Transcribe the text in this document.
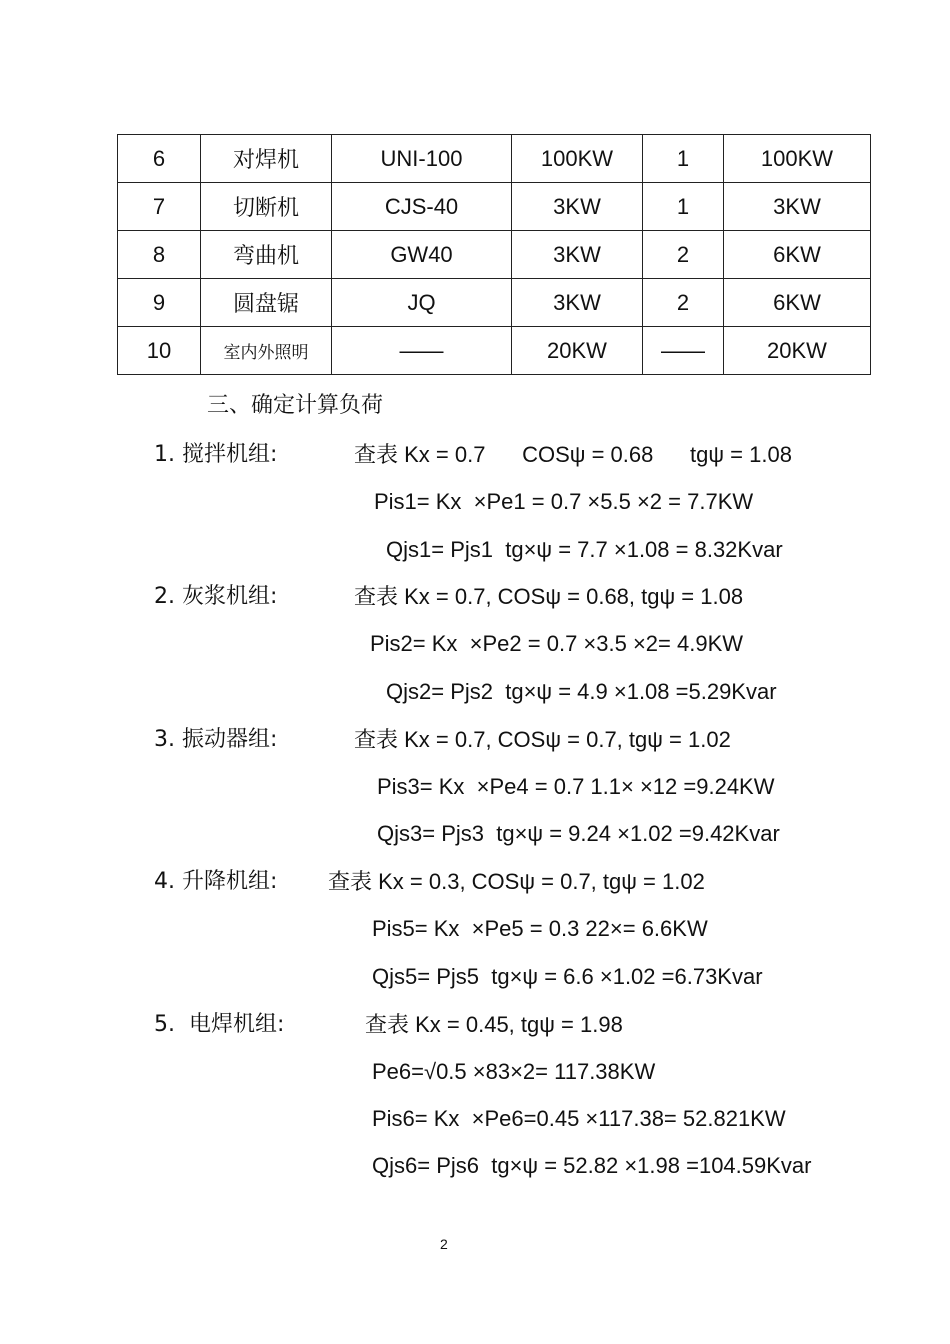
6	对焊机	UNI-100	100KW	1	100KW
7	切断机	CJS-40	3KW	1	3KW
8	弯曲机	GW40	3KW	2	6KW
9	圆盘锯	JQ	3KW	2	6KW
10	室内外照明	——	20KW	——	20KW
三、确定计算负荷
1. 搅拌机组:	查表 Kx = 0.7      COSψ = 0.68      tgψ = 1.08
Pis1= Kx  ×Pe1 = 0.7 ×5.5 ×2 = 7.7KW
Qjs1= Pjs1  tg×ψ = 7.7 ×1.08 = 8.32Kvar
2. 灰浆机组:	查表 Kx = 0.7, COSψ = 0.68, tgψ = 1.08
Pis2= Kx  ×Pe2 = 0.7 ×3.5 ×2= 4.9KW
Qjs2= Pjs2  tg×ψ = 4.9 ×1.08 =5.29Kvar
3. 振动器组:	查表 Kx = 0.7, COSψ = 0.7, tgψ = 1.02
Pis3= Kx  ×Pe4 = 0.7 1.1× ×12 =9.24KW
Qjs3= Pjs3  tg×ψ = 9.24 ×1.02 =9.42Kvar
4. 升降机组: 查表 Kx = 0.3, COSψ = 0.7, tgψ = 1.02
Pis5= Kx  ×Pe5 = 0.3 22×= 6.6KW
Qjs5= Pjs5  tg×ψ = 6.6 ×1.02 =6.73Kvar
5.  电焊机组:	查表 Kx = 0.45, tgψ = 1.98
Pe6=√0.5 ×83×2= 117.38KW
Pis6= Kx  ×Pe6=0.45 ×117.38= 52.821KW
Qjs6= Pjs6  tg×ψ = 52.82 ×1.98 =104.59Kvar
2
